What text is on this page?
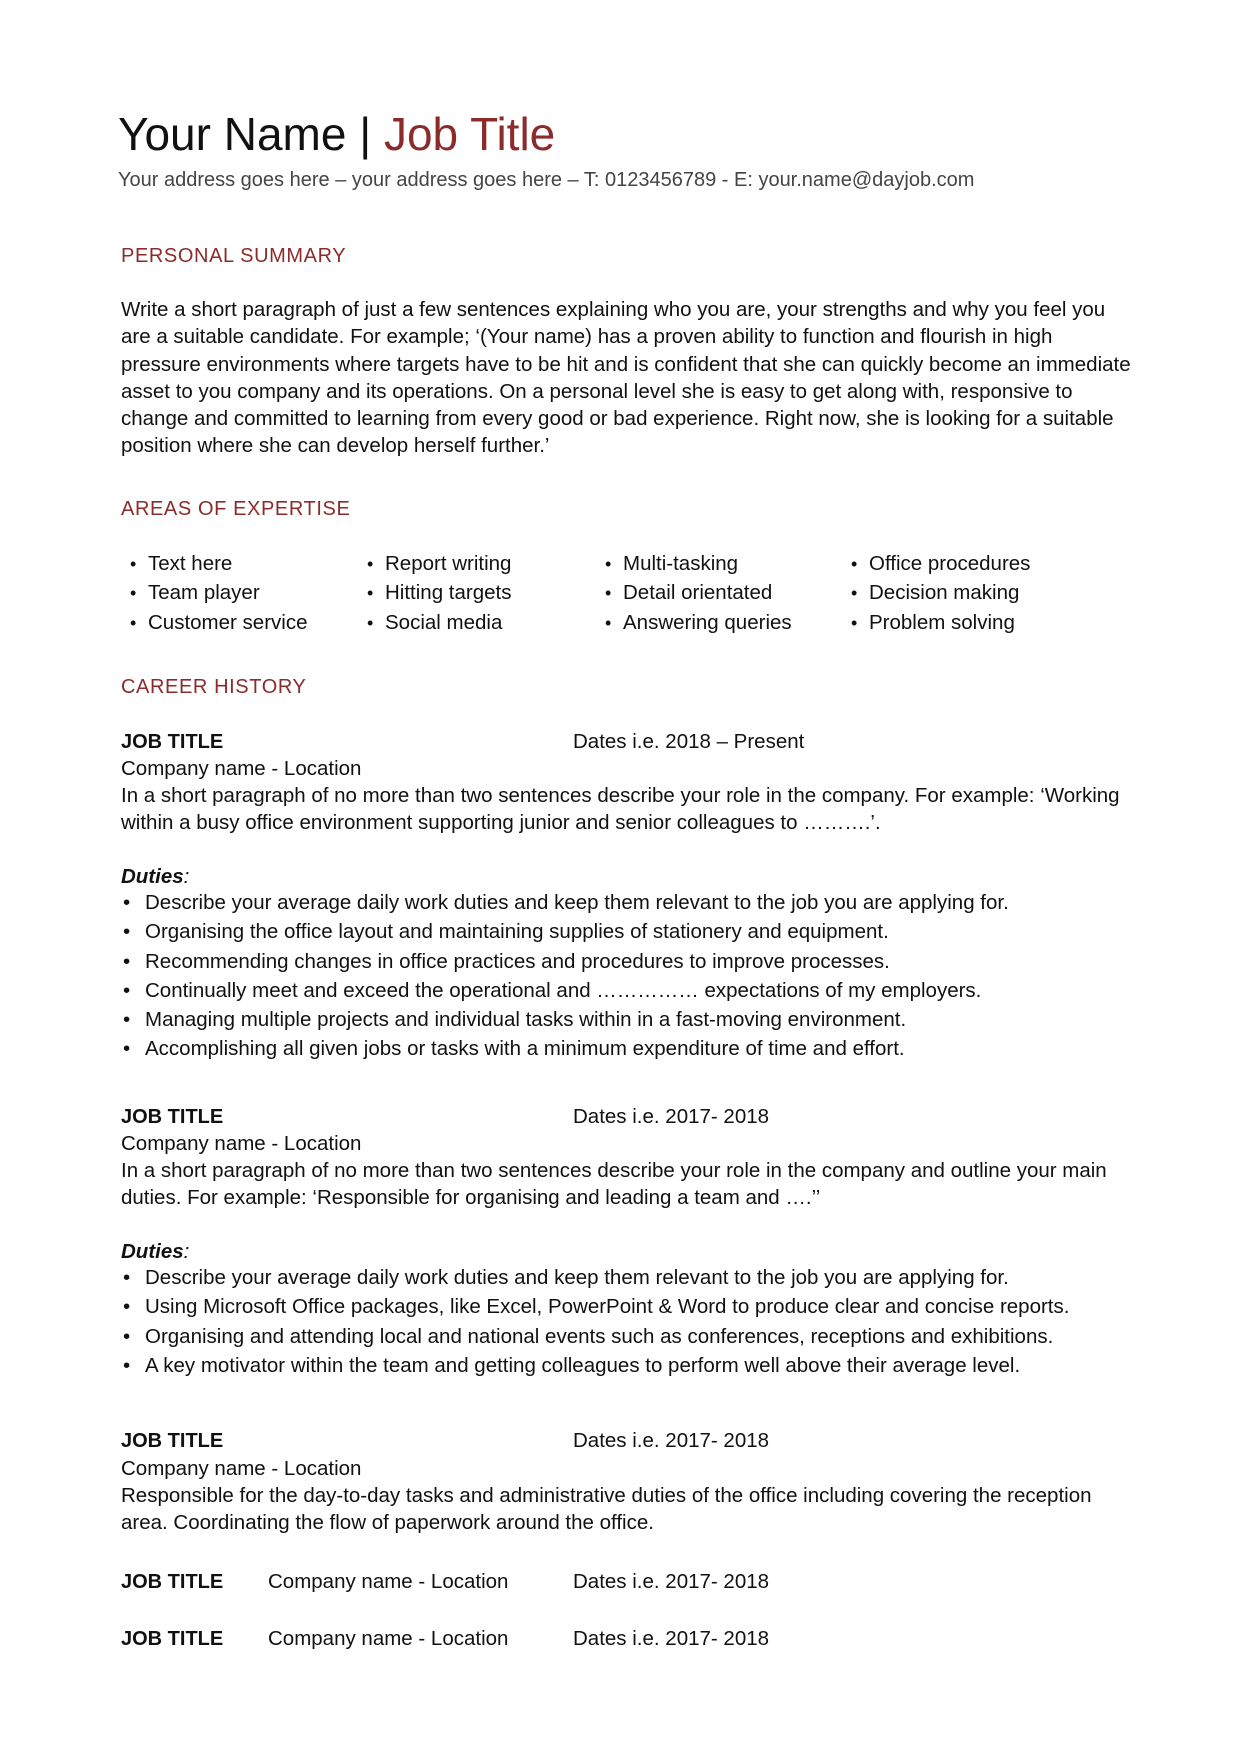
Your Name | Job Title
Your address goes here – your address goes here – T: 0123456789 - E: your.name@dayjob.com
PERSONAL SUMMARY
Write a short paragraph of just a few sentences explaining who you are, your strengths and why you feel you are a suitable candidate. For example; ‘(Your name) has a proven ability to function and flourish in high pressure environments where targets have to be hit and is confident that she can quickly become an immediate asset to you company and its operations. On a personal level she is easy to get along with, responsive to change and committed to learning from every good or bad experience. Right now, she is looking for a suitable position where she can develop herself further.’
AREAS OF EXPERTISE
• Text here
• Team player
• Customer service
• Report writing
• Hitting targets
• Social media
• Multi-tasking
• Detail orientated
• Answering queries
• Office procedures
• Decision making
• Problem solving
CAREER HISTORY
JOB TITLE	Dates i.e. 2018 – Present
Company name - Location
In a short paragraph of no more than two sentences describe your role in the company. For example: ‘Working within a busy office environment supporting junior and senior colleagues to ……….’.
Duties:
• Describe your average daily work duties and keep them relevant to the job you are applying for.
• Organising the office layout and maintaining supplies of stationery and equipment.
• Recommending changes in office practices and procedures to improve processes.
• Continually meet and exceed the operational and …………… expectations of my employers.
• Managing multiple projects and individual tasks within in a fast-moving environment.
• Accomplishing all given jobs or tasks with a minimum expenditure of time and effort.
JOB TITLE	Dates i.e. 2017- 2018
Company name - Location
In a short paragraph of no more than two sentences describe your role in the company and outline your main duties. For example: ‘Responsible for organising and leading a team and ….’’
Duties:
• Describe your average daily work duties and keep them relevant to the job you are applying for.
• Using Microsoft Office packages, like Excel, PowerPoint & Word to produce clear and concise reports.
• Organising and attending local and national events such as conferences, receptions and exhibitions.
• A key motivator within the team and getting colleagues to perform well above their average level.
JOB TITLE	Dates i.e. 2017- 2018
Company name - Location
Responsible for the day-to-day tasks and administrative duties of the office including covering the reception area. Coordinating the flow of paperwork around the office.
JOB TITLE Company name - Location	Dates i.e. 2017- 2018
JOB TITLE Company name - Location	Dates i.e. 2017- 2018
